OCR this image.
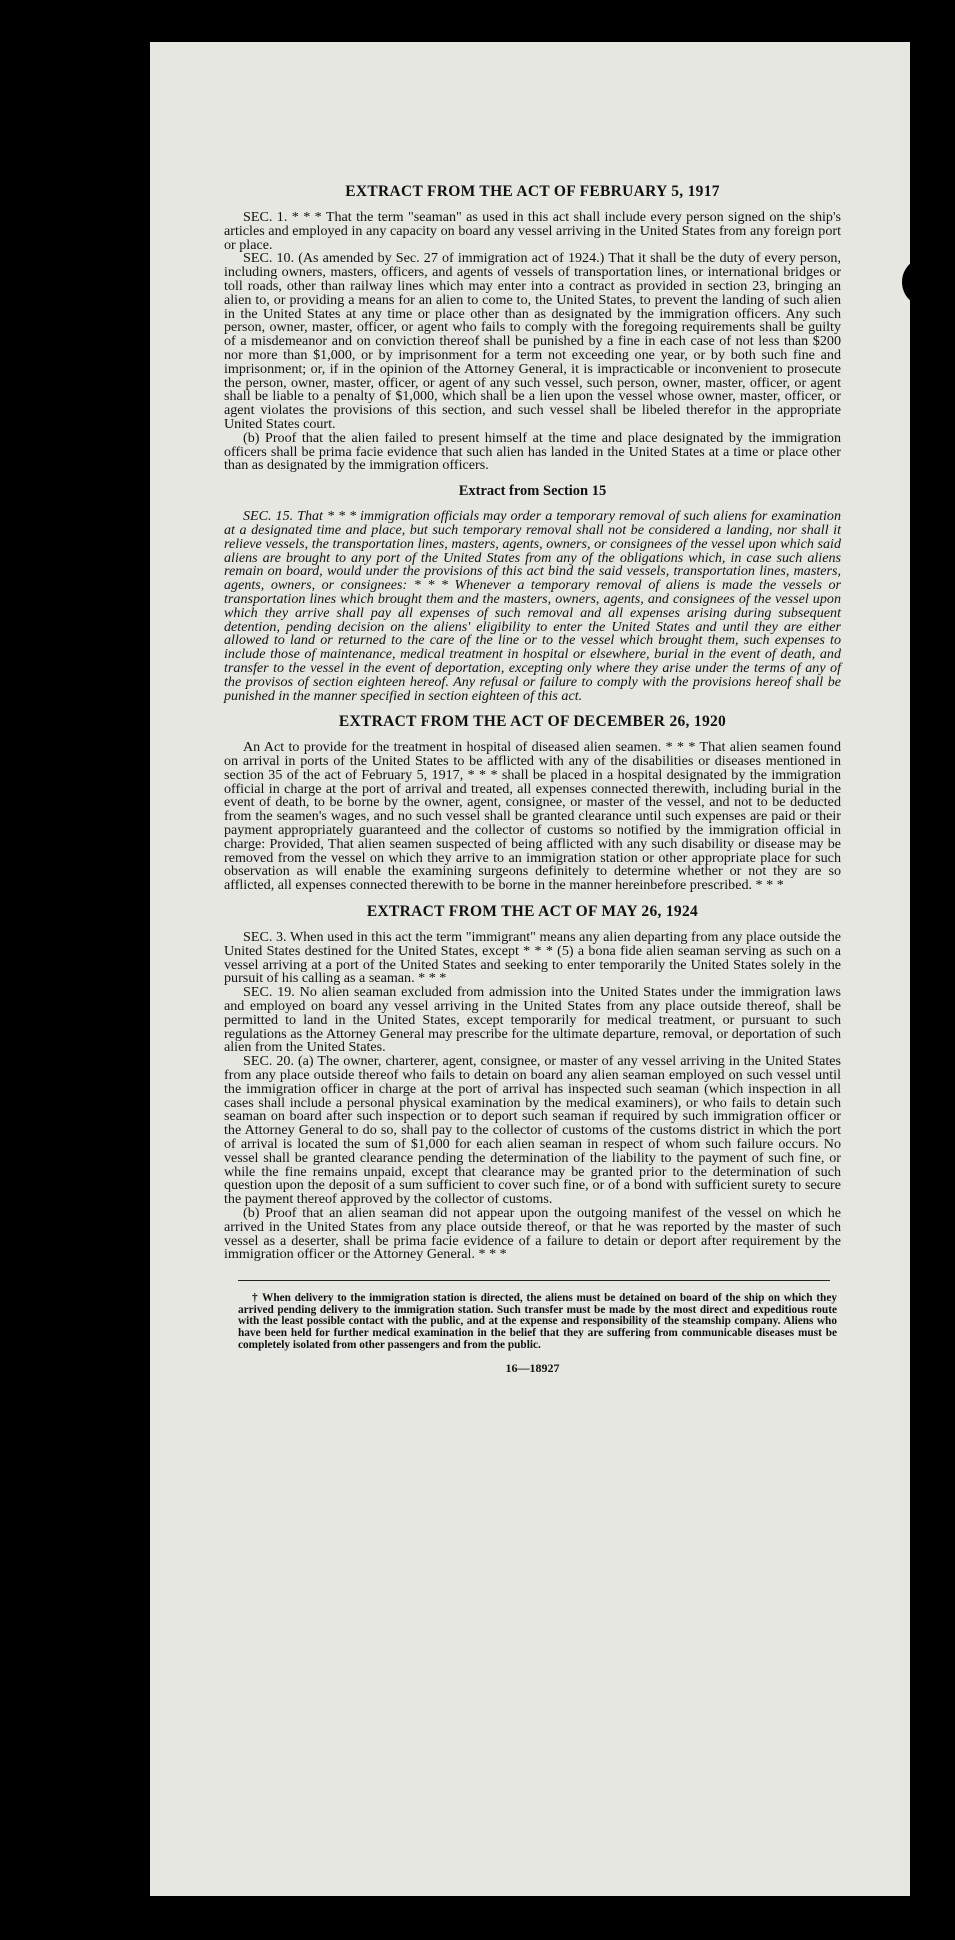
EXTRACT FROM THE ACT OF FEBRUARY 5, 1917

SEC. 1. * * * That the term "seaman" as used in this act shall include every person signed on the ship's articles and employed in any capacity on board any vessel arriving in the United States from any foreign port or place.

SEC. 10. (As amended by Sec. 27 of immigration act of 1924.) That it shall be the duty of every person, including owners, masters, officers, and agents of vessels of transportation lines, or international bridges or toll roads, other than railway lines which may enter into a contract as provided in section 23, bringing an alien to, or providing a means for an alien to come to, the United States, to prevent the landing of such alien in the United States at any time or place other than as designated by the immigration officers. Any such person, owner, master, officer, or agent who fails to comply with the foregoing requirements shall be guilty of a misdemeanor and on conviction thereof shall be punished by a fine in each case of not less than $200 nor more than $1,000, or by imprisonment for a term not exceeding one year, or by both such fine and imprisonment; or, if in the opinion of the Attorney General, it is impracticable or inconvenient to prosecute the person, owner, master, officer, or agent of any such vessel, such person, owner, master, officer, or agent shall be liable to a penalty of $1,000, which shall be a lien upon the vessel whose owner, master, officer, or agent violates the provisions of this section, and such vessel shall be libeled therefor in the appropriate United States court.

(b) Proof that the alien failed to present himself at the time and place designated by the immigration officers shall be prima facie evidence that such alien has landed in the United States at a time or place other than as designated by the immigration officers.

Extract from Section 15

SEC. 15. That * * * immigration officials may order a temporary removal of such aliens for examination at a designated time and place, but such temporary removal shall not be considered a landing, nor shall it relieve vessels, the transportation lines, masters, agents, owners, or consignees of the vessel upon which said aliens are brought to any port of the United States from any of the obligations which, in case such aliens remain on board, would under the provisions of this act bind the said vessels, transportation lines, masters, agents, owners, or consignees: * * * Whenever a temporary removal of aliens is made the vessels or transportation lines which brought them and the masters, owners, agents, and consignees of the vessel upon which they arrive shall pay all expenses of such removal and all expenses arising during subsequent detention, pending decision on the aliens' eligibility to enter the United States and until they are either allowed to land or returned to the care of the line or to the vessel which brought them, such expenses to include those of maintenance, medical treatment in hospital or elsewhere, burial in the event of death, and transfer to the vessel in the event of deportation, excepting only where they arise under the terms of any of the provisos of section eighteen hereof. Any refusal or failure to comply with the provisions hereof shall be punished in the manner specified in section eighteen of this act.

EXTRACT FROM THE ACT OF DECEMBER 26, 1920

An Act to provide for the treatment in hospital of diseased alien seamen. * * * That alien seamen found on arrival in ports of the United States to be afflicted with any of the disabilities or diseases mentioned in section 35 of the act of February 5, 1917, * * * shall be placed in a hospital designated by the immigration official in charge at the port of arrival and treated, all expenses connected therewith, including burial in the event of death, to be borne by the owner, agent, consignee, or master of the vessel, and not to be deducted from the seamen's wages, and no such vessel shall be granted clearance until such expenses are paid or their payment appropriately guaranteed and the collector of customs so notified by the immigration official in charge: Provided, That alien seamen suspected of being afflicted with any such disability or disease may be removed from the vessel on which they arrive to an immigration station or other appropriate place for such observation as will enable the examining surgeons definitely to determine whether or not they are so afflicted, all expenses connected therewith to be borne in the manner hereinbefore prescribed. * * *

EXTRACT FROM THE ACT OF MAY 26, 1924

SEC. 3. When used in this act the term "immigrant" means any alien departing from any place outside the United States destined for the United States, except * * * (5) a bona fide alien seaman serving as such on a vessel arriving at a port of the United States and seeking to enter temporarily the United States solely in the pursuit of his calling as a seaman. * * *

SEC. 19. No alien seaman excluded from admission into the United States under the immigration laws and employed on board any vessel arriving in the United States from any place outside thereof, shall be permitted to land in the United States, except temporarily for medical treatment, or pursuant to such regulations as the Attorney General may prescribe for the ultimate departure, removal, or deportation of such alien from the United States.

SEC. 20. (a) The owner, charterer, agent, consignee, or master of any vessel arriving in the United States from any place outside thereof who fails to detain on board any alien seaman employed on such vessel until the immigration officer in charge at the port of arrival has inspected such seaman (which inspection in all cases shall include a personal physical examination by the medical examiners), or who fails to detain such seaman on board after such inspection or to deport such seaman if required by such immigration officer or the Attorney General to do so, shall pay to the collector of customs of the customs district in which the port of arrival is located the sum of $1,000 for each alien seaman in respect of whom such failure occurs. No vessel shall be granted clearance pending the determination of the liability to the payment of such fine, or while the fine remains unpaid, except that clearance may be granted prior to the determination of such question upon the deposit of a sum sufficient to cover such fine, or of a bond with sufficient surety to secure the payment thereof approved by the collector of customs.

(b) Proof that an alien seaman did not appear upon the outgoing manifest of the vessel on which he arrived in the United States from any place outside thereof, or that he was reported by the master of such vessel as a deserter, shall be prima facie evidence of a failure to detain or deport after requirement by the immigration officer or the Attorney General. * * *

† When delivery to the immigration station is directed, the aliens must be detained on board of the ship on which they arrived pending delivery to the immigration station. Such transfer must be made by the most direct and expeditious route with the least possible contact with the public, and at the expense and responsibility of the steamship company. Aliens who have been held for further medical examination in the belief that they are suffering from communicable diseases must be completely isolated from other passengers and from the public.
16—18927
